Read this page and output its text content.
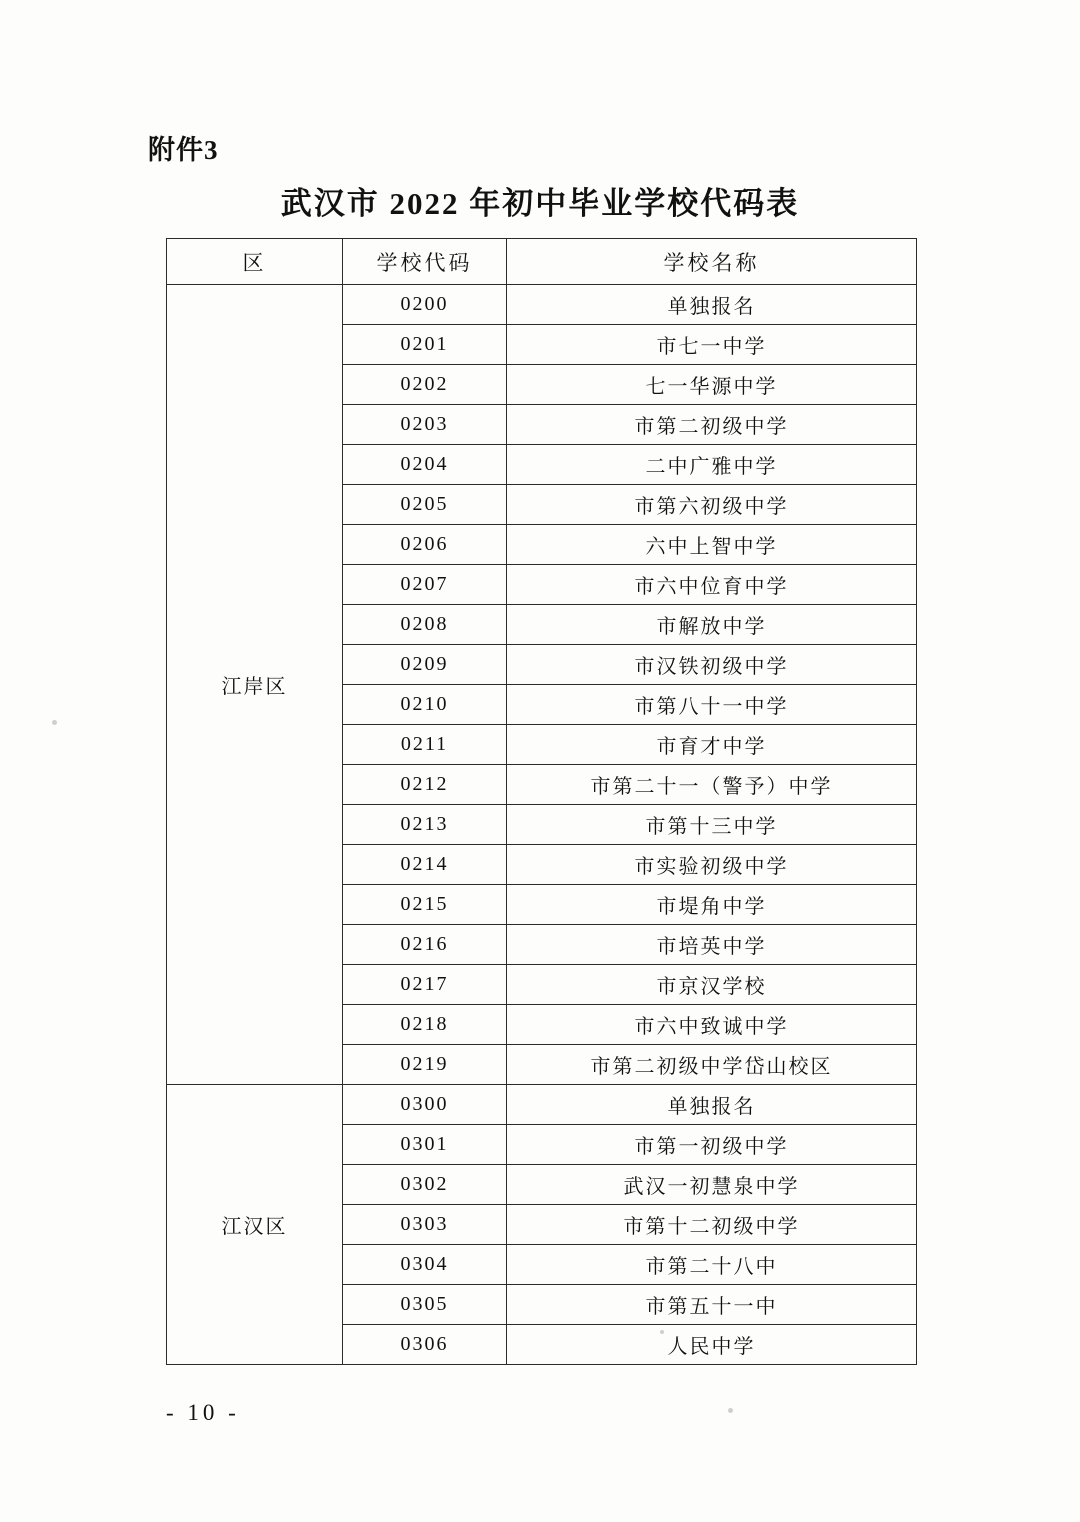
附件3
武汉市 2022 年初中毕业学校代码表
区	学校代码	学校名称
江岸区	0200	单独报名
	0201	市七一中学
	0202	七一华源中学
	0203	市第二初级中学
	0204	二中广雅中学
	0205	市第六初级中学
	0206	六中上智中学
	0207	市六中位育中学
	0208	市解放中学
	0209	市汉铁初级中学
	0210	市第八十一中学
	0211	市育才中学
	0212	市第二十一（警予）中学
	0213	市第十三中学
	0214	市实验初级中学
	0215	市堤角中学
	0216	市培英中学
	0217	市京汉学校
	0218	市六中致诚中学
	0219	市第二初级中学岱山校区
江汉区	0300	单独报名
	0301	市第一初级中学
	0302	武汉一初慧泉中学
	0303	市第十二初级中学
	0304	市第二十八中
	0305	市第五十一中
	0306	人民中学
- 10 -
